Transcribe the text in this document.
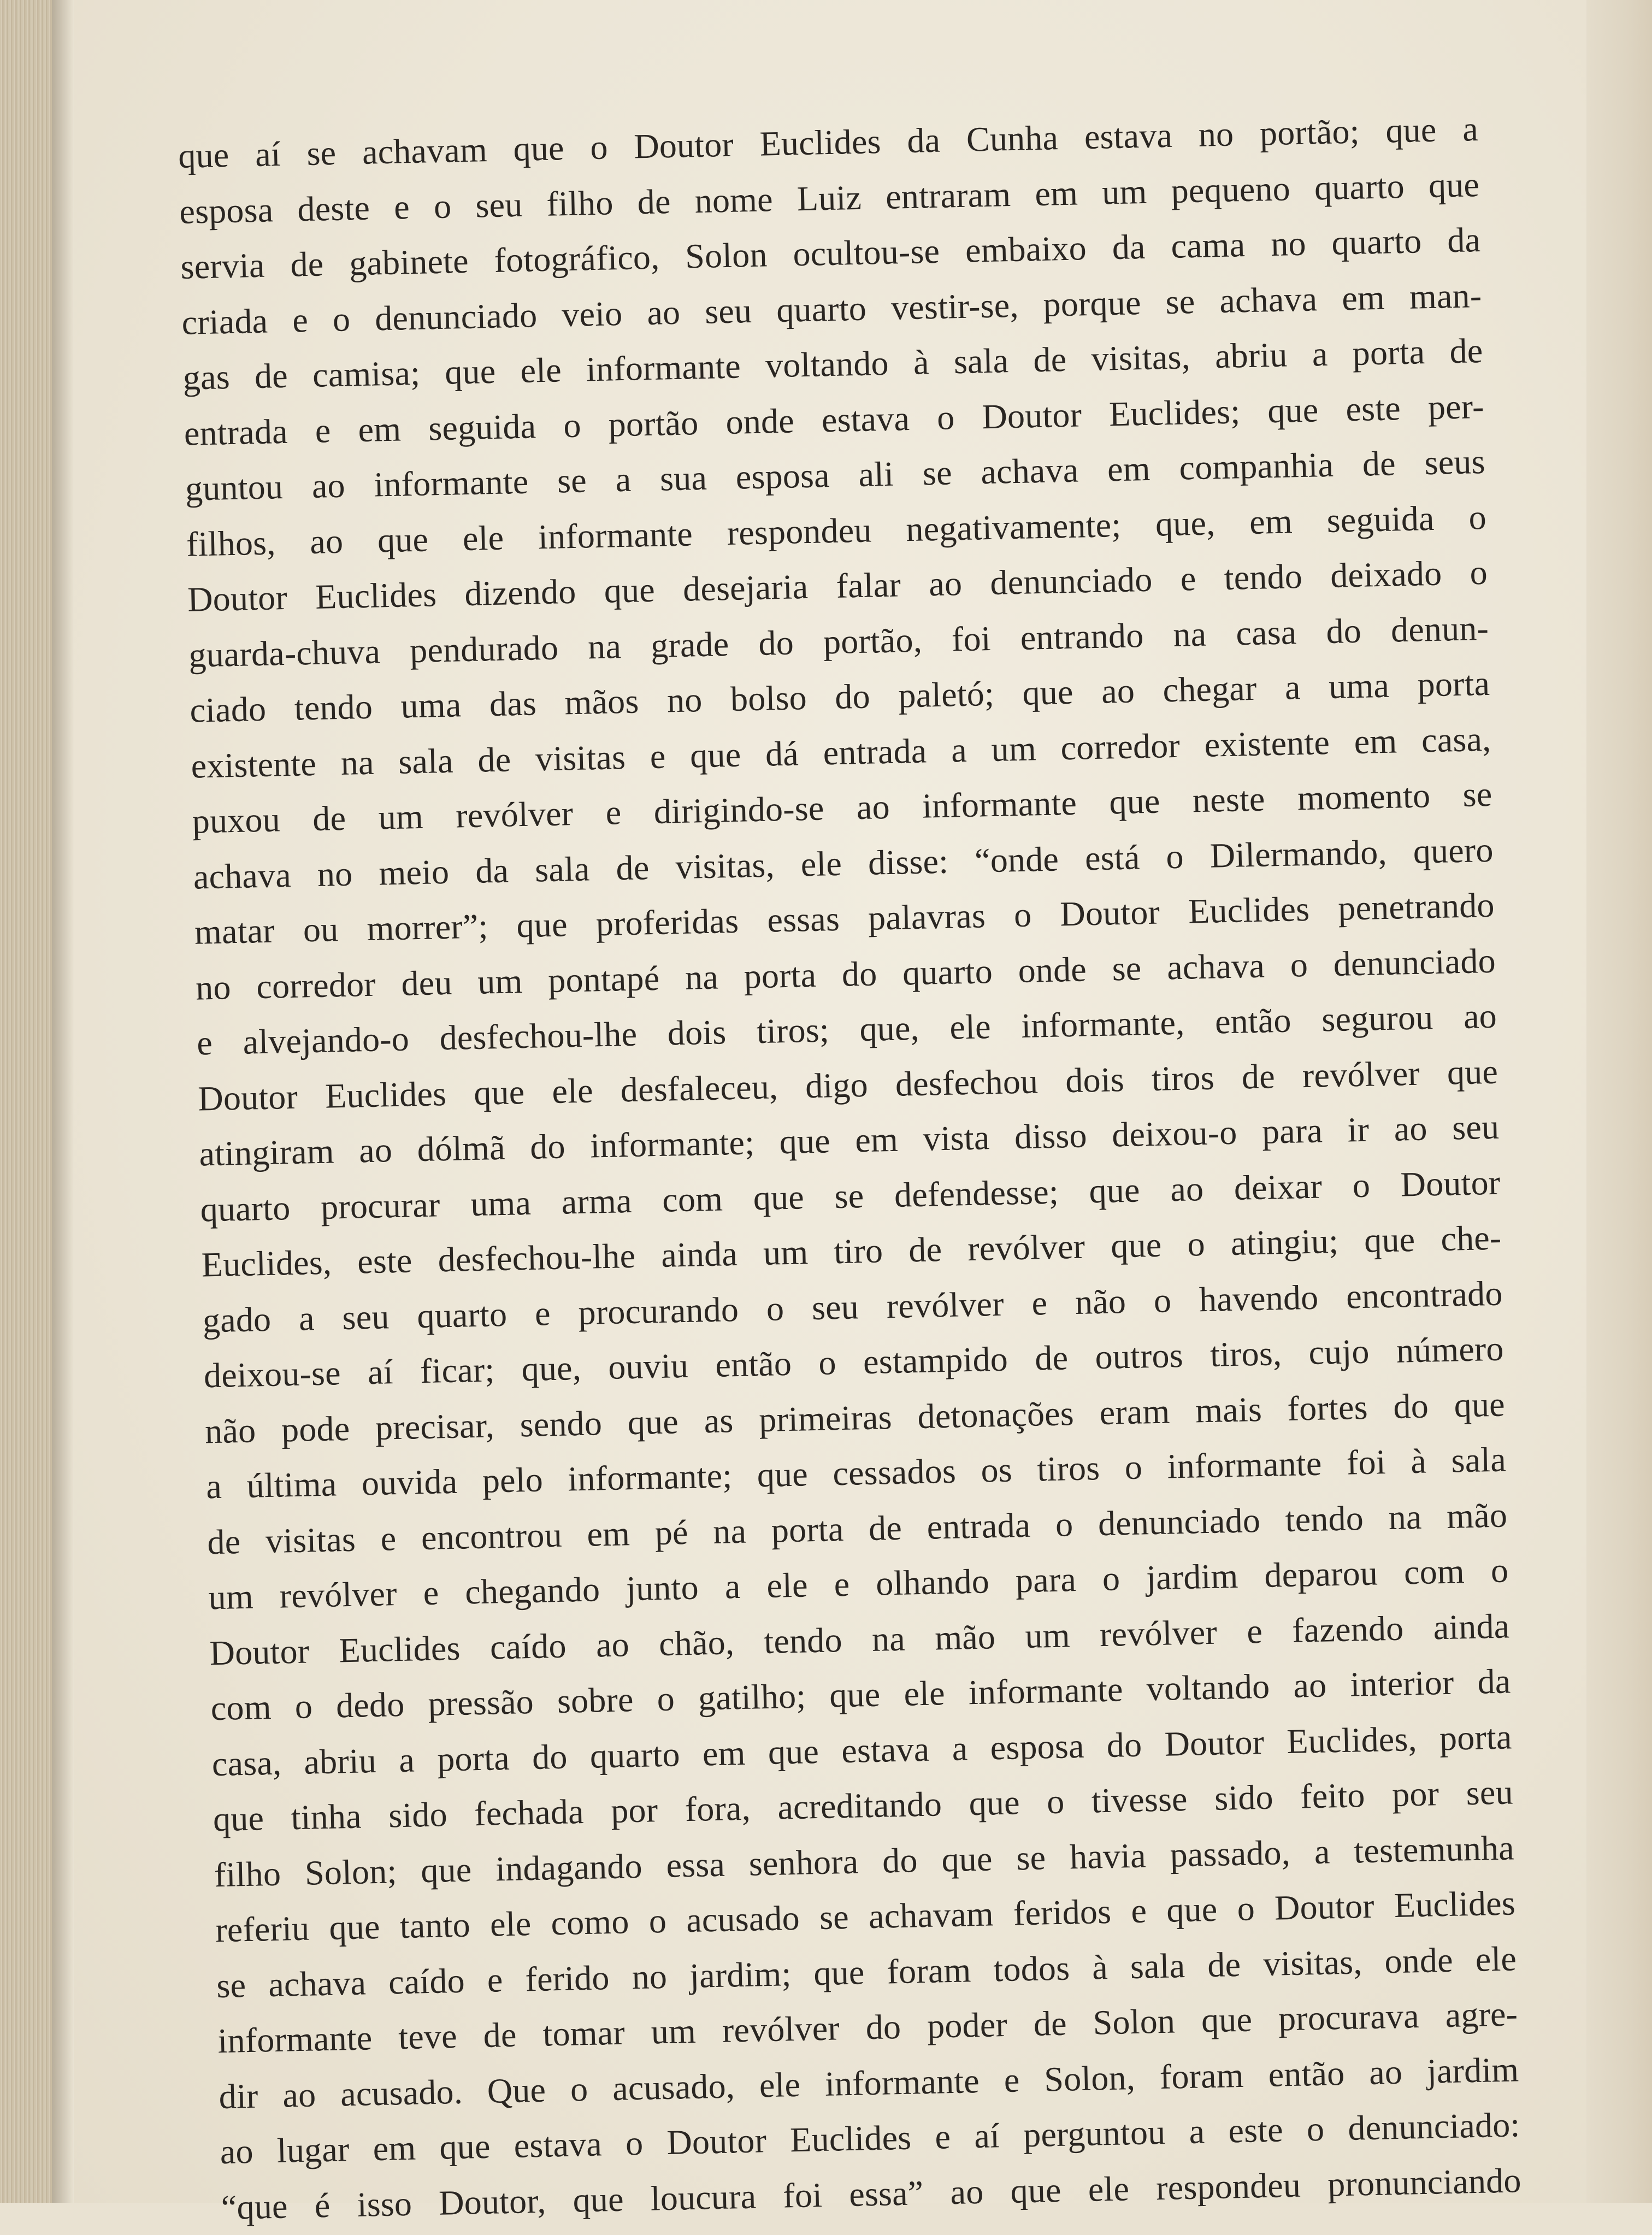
que aí se achavam que o Doutor Euclides da Cunha estava no portão; que a
esposa deste e o seu filho de nome Luiz entraram em um pequeno quarto que
servia de gabinete fotográfico, Solon ocultou-se embaixo da cama no quarto da
criada e o denunciado veio ao seu quarto vestir-se, porque se achava em man-
gas de camisa; que ele informante voltando à sala de visitas, abriu a porta de
entrada e em seguida o portão onde estava o Doutor Euclides; que este per-
guntou ao informante se a sua esposa ali se achava em companhia de seus
filhos, ao que ele informante respondeu negativamente; que, em seguida o
Doutor Euclides dizendo que desejaria falar ao denunciado e tendo deixado o
guarda-chuva pendurado na grade do portão, foi entrando na casa do denun-
ciado tendo uma das mãos no bolso do paletó; que ao chegar a uma porta
existente na sala de visitas e que dá entrada a um corredor existente em casa,
puxou de um revólver e dirigindo-se ao informante que neste momento se
achava no meio da sala de visitas, ele disse: “onde está o Dilermando, quero
matar ou morrer”; que proferidas essas palavras o Doutor Euclides penetrando
no corredor deu um pontapé na porta do quarto onde se achava o denunciado
e alvejando-o desfechou-lhe dois tiros; que, ele informante, então segurou ao
Doutor Euclides que ele desfaleceu, digo desfechou dois tiros de revólver que
atingiram ao dólmã do informante; que em vista disso deixou-o para ir ao seu
quarto procurar uma arma com que se defendesse; que ao deixar o Doutor
Euclides, este desfechou-lhe ainda um tiro de revólver que o atingiu; que che-
gado a seu quarto e procurando o seu revólver e não o havendo encontrado
deixou-se aí ficar; que, ouviu então o estampido de outros tiros, cujo número
não pode precisar, sendo que as primeiras detonações eram mais fortes do que
a última ouvida pelo informante; que cessados os tiros o informante foi à sala
de visitas e encontrou em pé na porta de entrada o denunciado tendo na mão
um revólver e chegando junto a ele e olhando para o jardim deparou com o
Doutor Euclides caído ao chão, tendo na mão um revólver e fazendo ainda
com o dedo pressão sobre o gatilho; que ele informante voltando ao interior da
casa, abriu a porta do quarto em que estava a esposa do Doutor Euclides, porta
que tinha sido fechada por fora, acreditando que o tivesse sido feito por seu
filho Solon; que indagando essa senhora do que se havia passado, a testemunha
referiu que tanto ele como o acusado se achavam feridos e que o Doutor Euclides
se achava caído e ferido no jardim; que foram todos à sala de visitas, onde ele
informante teve de tomar um revólver do poder de Solon que procurava agre-
dir ao acusado. Que o acusado, ele informante e Solon, foram então ao jardim
ao lugar em que estava o Doutor Euclides e aí perguntou a este o denunciado:
“que é isso Doutor, que loucura foi essa” ao que ele respondeu pronunciando
